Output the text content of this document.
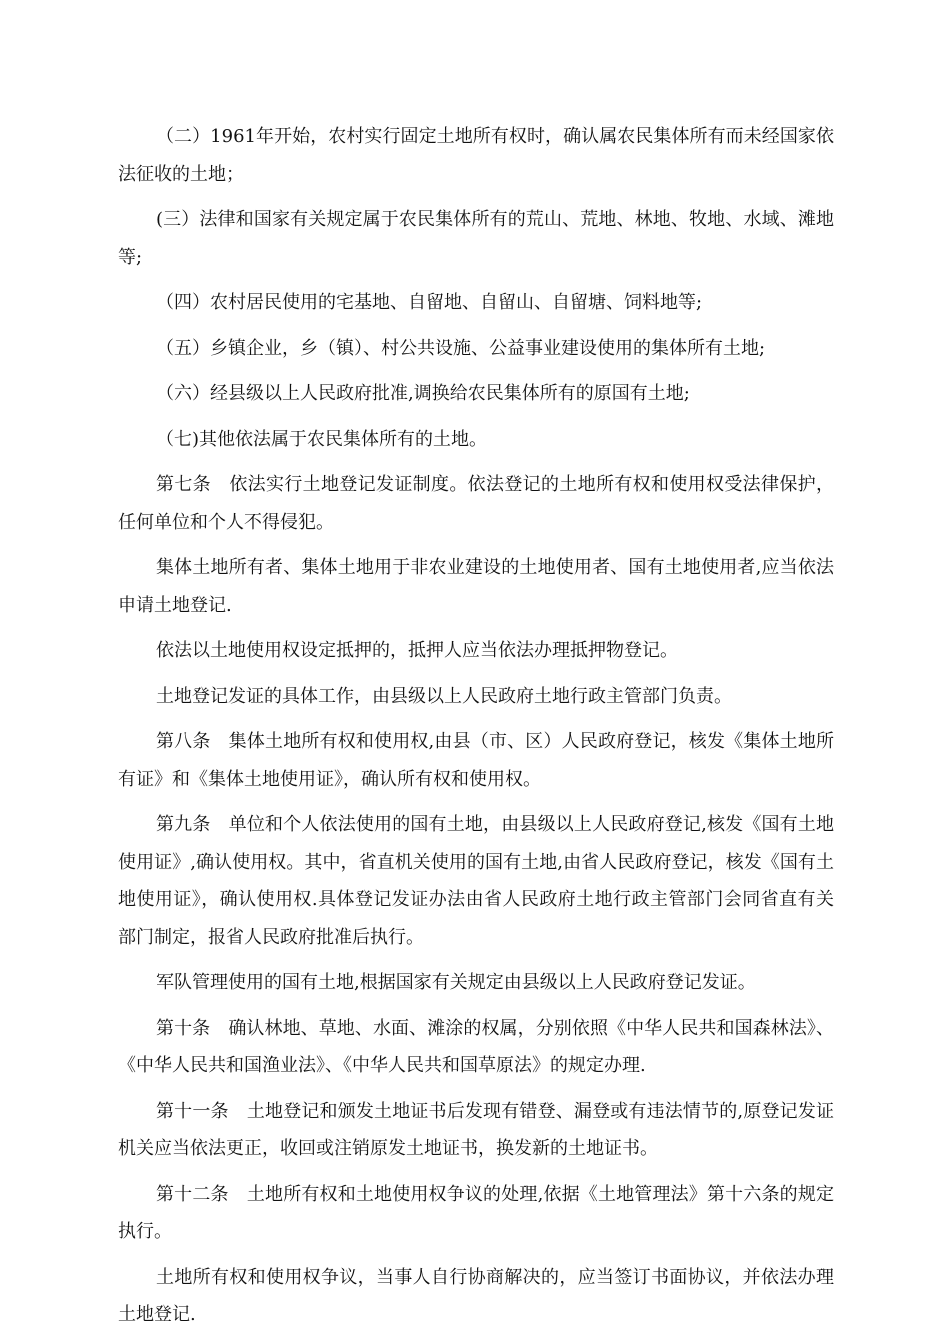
（二）1961年开始，农村实行固定土地所有权时，确认属农民集体所有而未经国家依法征收的土地；

(三）法律和国家有关规定属于农民集体所有的荒山、荒地、林地、牧地、水域、滩地等;

（四）农村居民使用的宅基地、自留地、自留山、自留塘、饲料地等;

（五）乡镇企业，乡（镇）、村公共设施、公益事业建设使用的集体所有土地;

（六）经县级以上人民政府批准,调换给农民集体所有的原国有土地;

（七)其他依法属于农民集体所有的土地。

第七条　依法实行土地登记发证制度。依法登记的土地所有权和使用权受法律保护，任何单位和个人不得侵犯。

集体土地所有者、集体土地用于非农业建设的土地使用者、国有土地使用者,应当依法申请土地登记.

依法以土地使用权设定抵押的，抵押人应当依法办理抵押物登记。

土地登记发证的具体工作，由县级以上人民政府土地行政主管部门负责。

第八条　集体土地所有权和使用权,由县（市、区）人民政府登记，核发《集体土地所有证》和《集体土地使用证》，确认所有权和使用权。

第九条　单位和个人依法使用的国有土地，由县级以上人民政府登记,核发《国有土地使用证》,确认使用权。其中，省直机关使用的国有土地,由省人民政府登记，核发《国有土地使用证》，确认使用权.具体登记发证办法由省人民政府土地行政主管部门会同省直有关部门制定，报省人民政府批准后执行。

军队管理使用的国有土地,根据国家有关规定由县级以上人民政府登记发证。

第十条　确认林地、草地、水面、滩涂的权属，分别依照《中华人民共和国森林法》、《中华人民共和国渔业法》、《中华人民共和国草原法》的规定办理.

第十一条　土地登记和颁发土地证书后发现有错登、漏登或有违法情节的,原登记发证机关应当依法更正，收回或注销原发土地证书，换发新的土地证书。

第十二条　土地所有权和土地使用权争议的处理,依据《土地管理法》第十六条的规定执行。

土地所有权和使用权争议，当事人自行协商解决的，应当签订书面协议，并依法办理土地登记.
